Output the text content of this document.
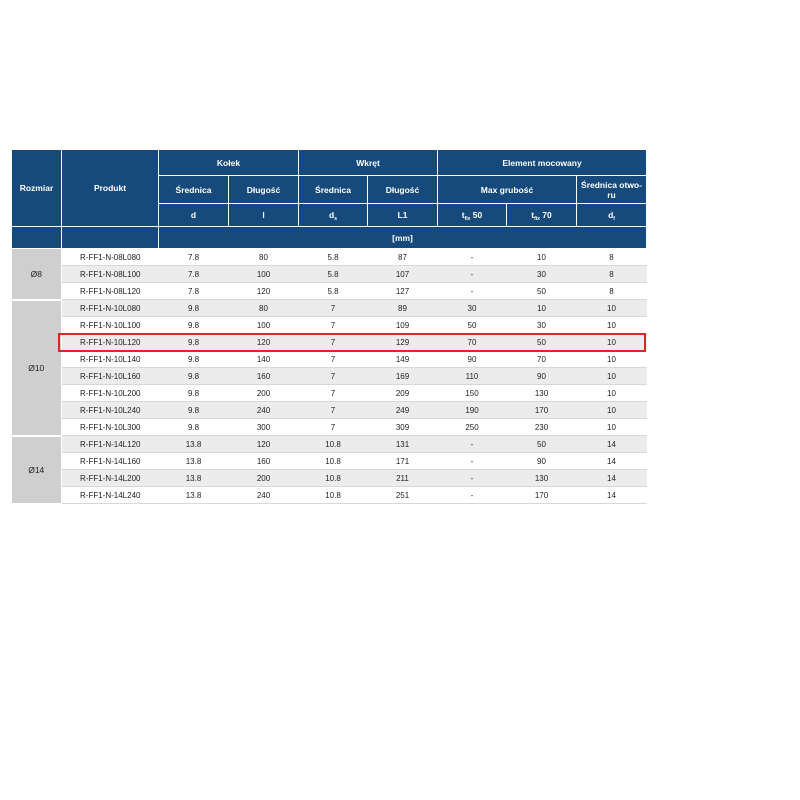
Rozmiar	Produkt	Kołek		Wkręt		Element mocowany		
		Średnica	Długość	Średnica	Długość	Max grubość		Średnica otwo-ru
		d	l	$d_s$	L1	$t_{fix}$ 50	$t_{fix}$ 70	$d_f$
		[mm]						
Ø8	R-FF1-N-08L080	7.8	80	5.8	87	-	10	8
	R-FF1-N-08L100	7.8	100	5.8	107	-	30	8
	R-FF1-N-08L120	7.8	120	5.8	127	-	50	8
Ø10	R-FF1-N-10L080	9.8	80	7	89	30	10	10
	R-FF1-N-10L100	9.8	100	7	109	50	30	10
	R-FF1-N-10L120	9.8	120	7	129	70	50	10
	R-FF1-N-10L140	9.8	140	7	149	90	70	10
	R-FF1-N-10L160	9.8	160	7	169	110	90	10
	R-FF1-N-10L200	9.8	200	7	209	150	130	10
	R-FF1-N-10L240	9.8	240	7	249	190	170	10
	R-FF1-N-10L300	9.8	300	7	309	250	230	10
Ø14	R-FF1-N-14L120	13.8	120	10.8	131	-	50	14
	R-FF1-N-14L160	13.8	160	10.8	171	-	90	14
	R-FF1-N-14L200	13.8	200	10.8	211	-	130	14
	R-FF1-N-14L240	13.8	240	10.8	251	-	170	14
